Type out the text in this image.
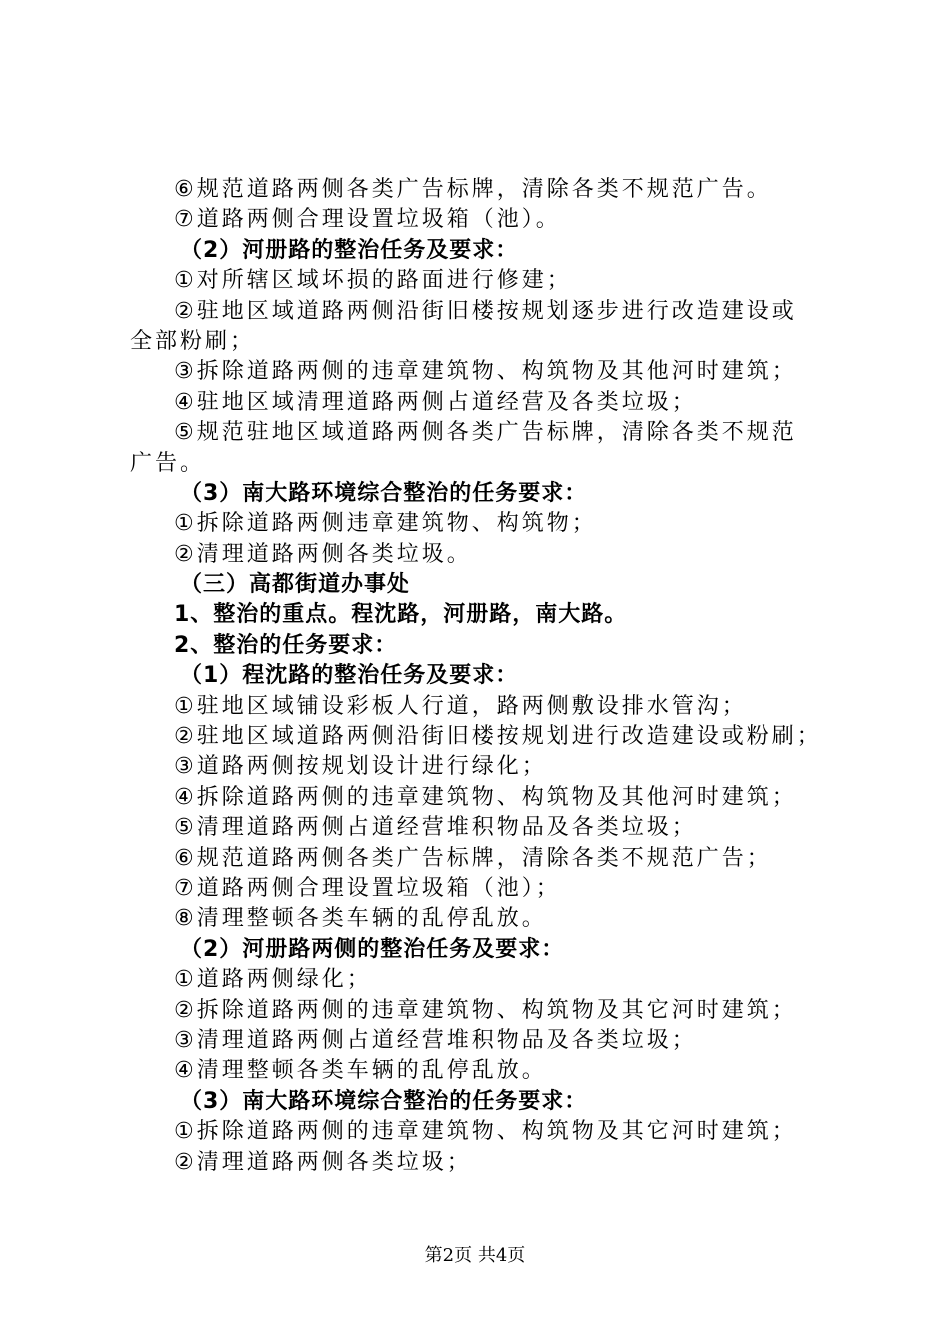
⑥规范道路两侧各类广告标牌，清除各类不规范广告。
⑦道路两侧合理设置垃圾箱（池）。
（2）河册路的整治任务及要求：
①对所辖区域坏损的路面进行修建；
②驻地区域道路两侧沿街旧楼按规划逐步进行改造建设或
全部粉刷；
③拆除道路两侧的违章建筑物、构筑物及其他河时建筑；
④驻地区域清理道路两侧占道经营及各类垃圾；
⑤规范驻地区域道路两侧各类广告标牌，清除各类不规范
广告。
（3）南大路环境综合整治的任务要求：
①拆除道路两侧违章建筑物、构筑物；
②清理道路两侧各类垃圾。
（三）高都街道办事处
1、整治的重点。程沈路，河册路，南大路。
2、整治的任务要求：
（1）程沈路的整治任务及要求：
①驻地区域铺设彩板人行道，路两侧敷设排水管沟；
②驻地区域道路两侧沿街旧楼按规划进行改造建设或粉刷；
③道路两侧按规划设计进行绿化；
④拆除道路两侧的违章建筑物、构筑物及其他河时建筑；
⑤清理道路两侧占道经营堆积物品及各类垃圾；
⑥规范道路两侧各类广告标牌，清除各类不规范广告；
⑦道路两侧合理设置垃圾箱（池）；
⑧清理整顿各类车辆的乱停乱放。
（2）河册路两侧的整治任务及要求：
①道路两侧绿化；
②拆除道路两侧的违章建筑物、构筑物及其它河时建筑；
③清理道路两侧占道经营堆积物品及各类垃圾；
④清理整顿各类车辆的乱停乱放。
（3）南大路环境综合整治的任务要求：
①拆除道路两侧的违章建筑物、构筑物及其它河时建筑；
②清理道路两侧各类垃圾；
第2页 共4页
